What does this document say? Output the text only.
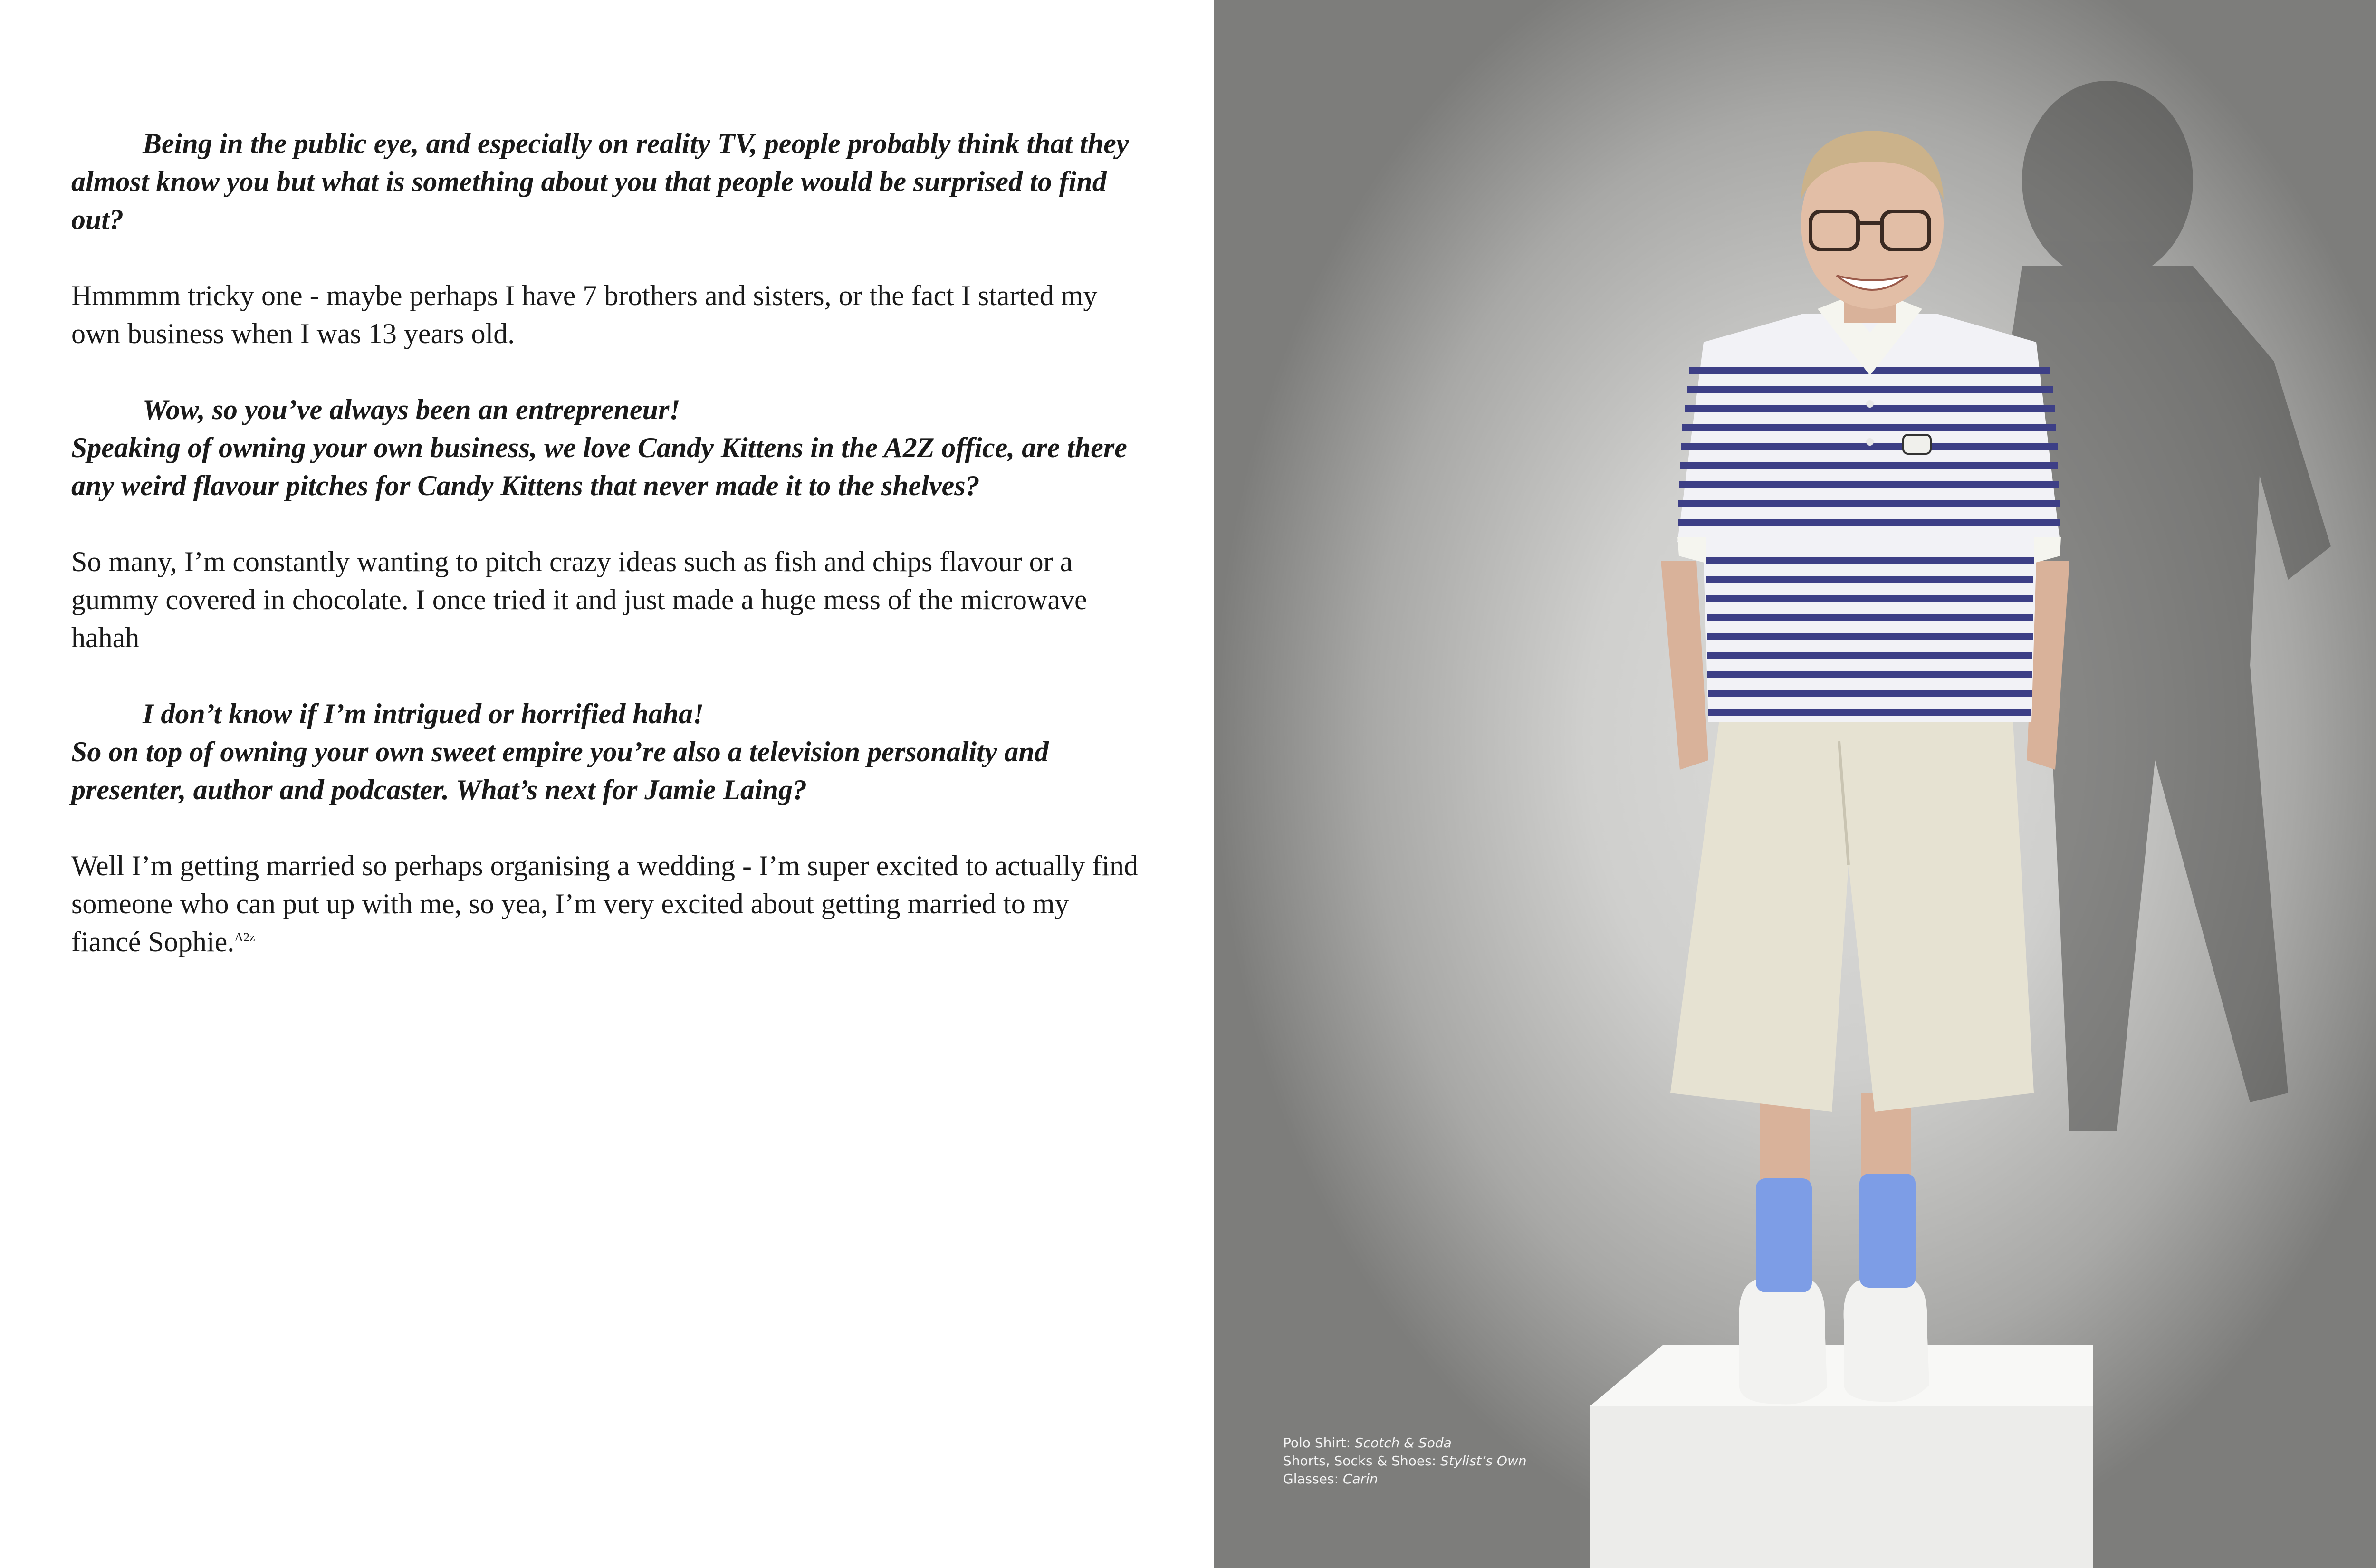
Being in the public eye, and especially on reality TV, people probably think that they almost know you but what is something about you that people would be surprised to find out?

Hmmmm tricky one - maybe perhaps I have 7 brothers and sisters, or the fact I started my own business when I was 13 years old.

Wow, so you’ve always been an entrepreneur!
Speaking of owning your own business, we love Candy Kittens in the A2Z office, are there any weird flavour pitches for Candy Kittens that never made it to the shelves?

So many, I’m constantly wanting to pitch crazy ideas such as fish and chips flavour or a gummy covered in chocolate. I once tried it and just made a huge mess of the microwave hahah

I don’t know if I’m intrigued or horrified haha!
So on top of owning your own sweet empire you’re also a television personality and presenter, author and podcaster. What’s next for Jamie Laing?

Well I’m getting married so perhaps organising a wedding - I’m super excited to actually find someone who can put up with me, so yea, I’m very excited about getting married to my fiancé Sophie.$^{A2z}$

Polo Shirt: Scotch & Soda
Shorts, Socks & Shoes: Stylist’s Own
Glasses: Carin
